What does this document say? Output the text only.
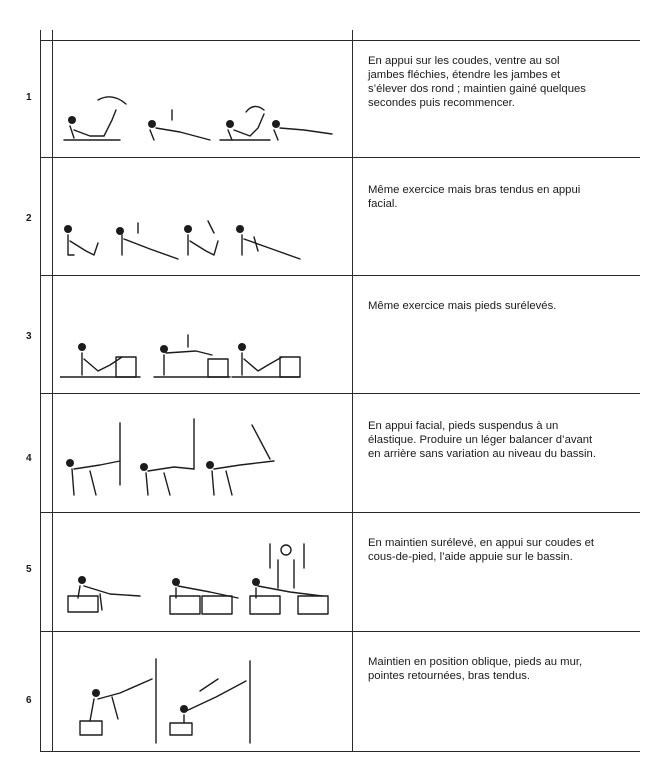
1
En appui sur les coudes, ventre au sol
jambes fléchies, étendre les jambes et
s’élever dos rond ; maintien gainé quelques
secondes puis recommencer.
2
Même exercice mais bras tendus en appui
facial.
3
Même exercice mais pieds surélevés.
4
En appui facial, pieds suspendus à un
élastique. Produire un léger balancer d’avant
en arrière sans variation au niveau du bassin.
5
En maintien surélevé, en appui sur coudes et
cous-de-pied, l’aide appuie sur le bassin.
6
Maintien en position oblique, pieds au mur,
pointes retournées, bras tendus.
